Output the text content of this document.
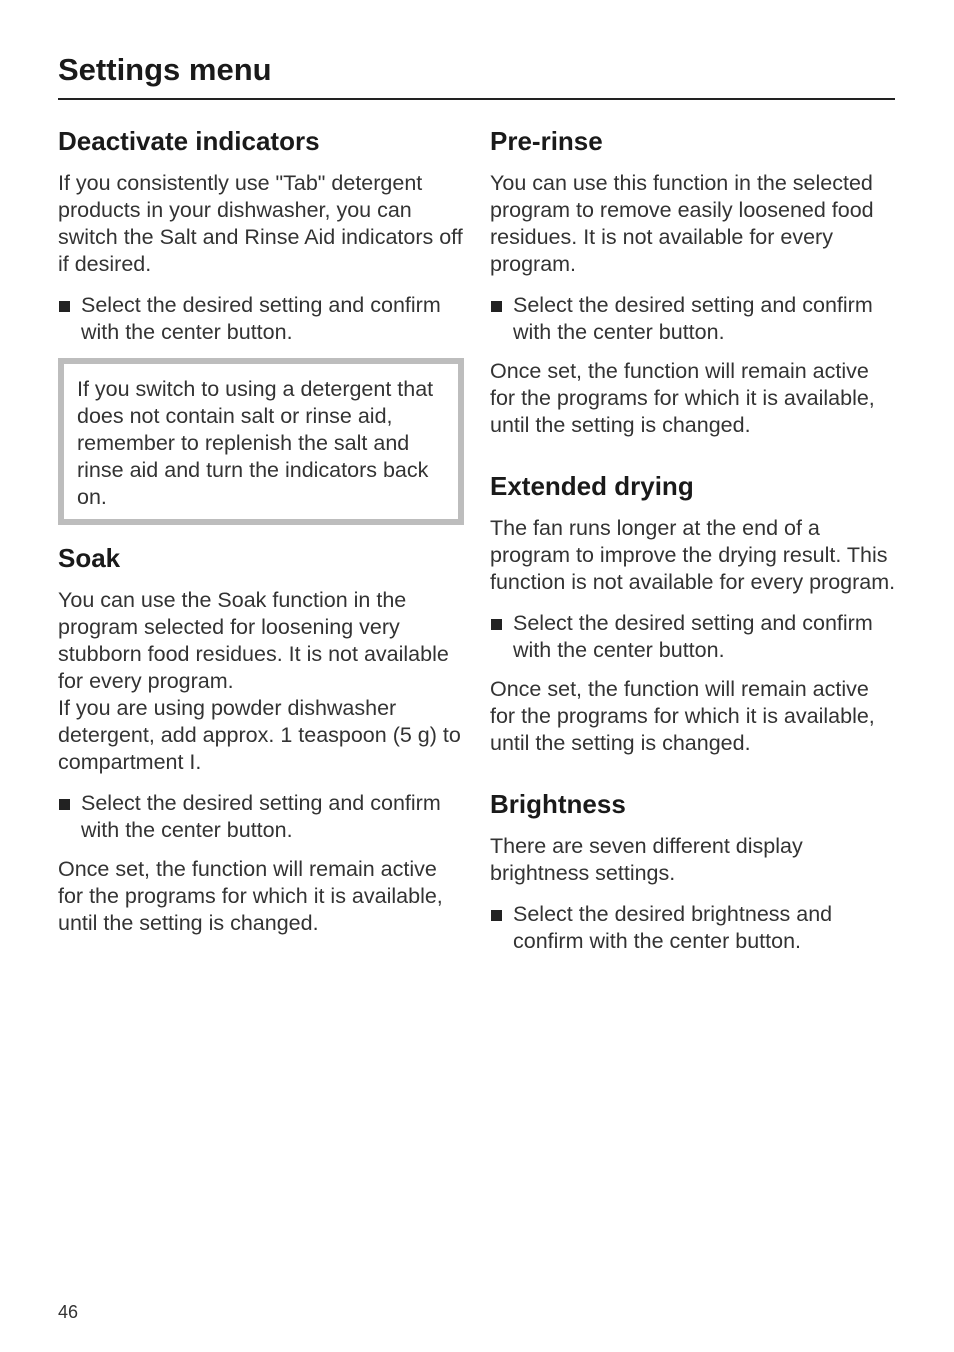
Settings menu
Deactivate indicators

If you consistently use "Tab" detergent products in your dishwasher, you can switch the Salt and Rinse Aid indicators off if desired.

Select the desired setting and confirm with the center button.
If you switch to using a detergent that does not contain salt or rinse aid, remember to replenish the salt and rinse aid and turn the indicators back on.
Soak

You can use the Soak function in the program selected for loosening very stubborn food residues. It is not available for every program.

If you are using powder dishwasher detergent, add approx. 1 teaspoon (5 g) to compartment I.

Select the desired setting and confirm with the center button.

Once set, the function will remain active for the programs for which it is available, until the setting is changed.

Pre-rinse

You can use this function in the selected program to remove easily loosened food residues. It is not available for every program.

Select the desired setting and confirm with the center button.

Once set, the function will remain active for the programs for which it is available, until the setting is changed.

Extended drying

The fan runs longer at the end of a program to improve the drying result. This function is not available for every program.

Select the desired setting and confirm with the center button.

Once set, the function will remain active for the programs for which it is available, until the setting is changed.

Brightness

There are seven different display brightness settings.

Select the desired brightness and confirm with the center button.
46
